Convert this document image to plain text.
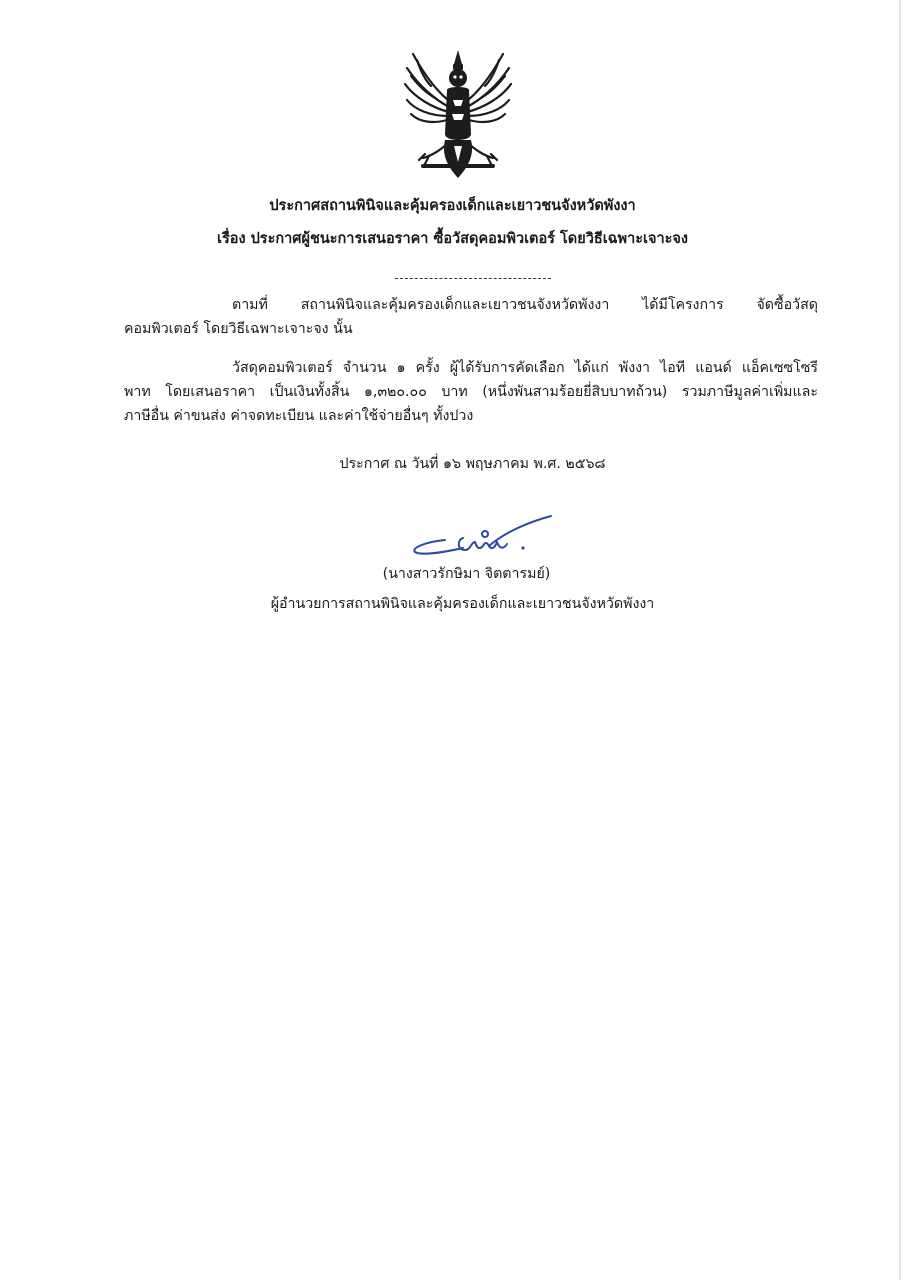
ประกาศสถานพินิจและคุ้มครองเด็กและเยาวชนจังหวัดพังงา
เรื่อง ประกาศผู้ชนะการเสนอราคา ซื้อวัสดุคอมพิวเตอร์ โดยวิธีเฉพาะเจาะจง
ตามที่ สถานพินิจและคุ้มครองเด็กและเยาวชนจังหวัดพังงา ได้มีโครงการ จัดซื้อวัสดุ
คอมพิวเตอร์ โดยวิธีเฉพาะเจาะจง นั้น
วัสดุคอมพิวเตอร์ จำนวน ๑ ครั้ง ผู้ได้รับการคัดเลือก ได้แก่ พังงา ไอที แอนด์ แอ็คเซซโซรี
พาท โดยเสนอราคา เป็นเงินทั้งสิ้น ๑,๓๒๐.๐๐ บาท (หนึ่งพันสามร้อยยี่สิบบาทถ้วน) รวมภาษีมูลค่าเพิ่มและ
ภาษีอื่น ค่าขนส่ง ค่าจดทะเบียน และค่าใช้จ่ายอื่นๆ ทั้งปวง
ประกาศ ณ วันที่ ๑๖ พฤษภาคม พ.ศ. ๒๕๖๘
(นางสาวรักษิมา จิตตารมย์)
ผู้อำนวยการสถานพินิจและคุ้มครองเด็กและเยาวชนจังหวัดพังงา
